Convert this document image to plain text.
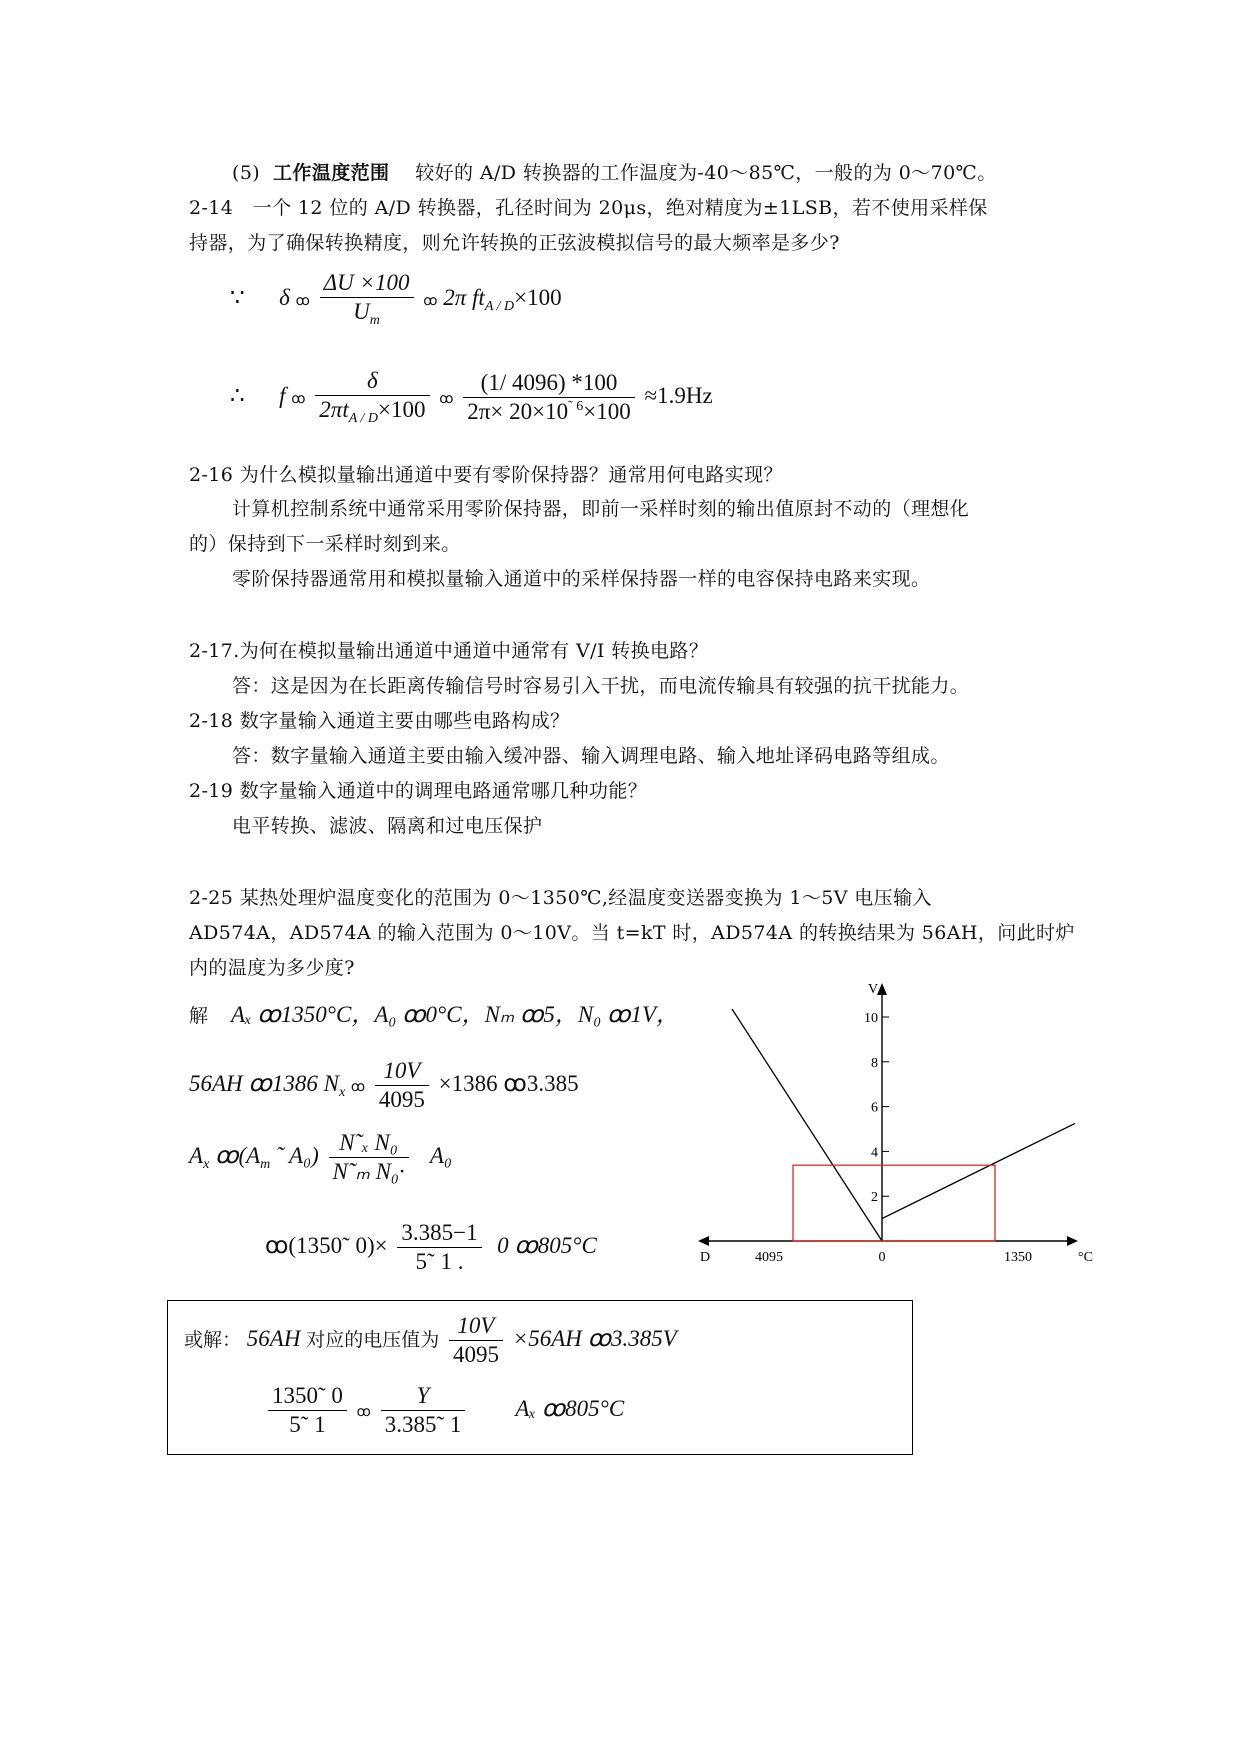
(5) 工作温度范围 较好的 A/D 转换器的工作温度为-40～85℃，一般的为 0～70℃。
2-14　一个 12 位的 A/D 转换器，孔径时间为 20μs，绝对精度为±1LSB，若不使用采样保
持器，为了确保转换精度，则允许转换的正弦波模拟信号的最大频率是多少?
∵ δ ꝏ $\frac{\Delta U \times 100}{U_m}$ ꝏ 2π $ft_{A / D}\times 100$
∴ f ꝏ $\frac{\delta}{2\pi t_{A / D}\times 100}$ ꝏ $\frac{(1/ 4096) *100}{2\pi\times 20\times 10^{˜ 6}\times 100} \approx 1.9Hz$
2-16 为什么模拟量输出通道中要有零阶保持器？通常用何电路实现？
计算机控制系统中通常采用零阶保持器，即前一采样时刻的输出值原封不动的（理想化
的）保持到下一采样时刻到来。
零阶保持器通常用和模拟量输入通道中的采样保持器一样的电容保持电路来实现。
2-17.为何在模拟量输出通道中通道中通常有 V/I 转换电路？
答：这是因为在长距离传输信号时容易引入干扰，而电流传输具有较强的抗干扰能力。
2-18 数字量输入通道主要由哪些电路构成？
答：数字量输入通道主要由输入缓冲器、输入调理电路、输入地址译码电路等组成。
2-19 数字量输入通道中的调理电路通常哪几种功能？
电平转换、滤波、隔离和过电压保护
2-25 某热处理炉温度变化的范围为 0～1350℃,经温度变送器变换为 1～5V 电压输入
AD574A，AD574A 的输入范围为 0～10V。当 t=kT 时，AD574A 的转换结果为 56AH，问此时炉
内的温度为多少度?
解 Aₓ ꝏ1350°C，A₀ ꝏ0°C，Nₘ ꝏ5，N₀ ꝏ1V，
56AH ꝏ1386 $N_x$ ꝏ $\frac{10V}{4095} \times 1386$ ꝏ3.385
$A_x$ $ꝏ(A_m$ ˜ $A_0) \frac{\text{N˜ₓ N₀}}{\text{N˜ₘ N₀·}} A_0$
ꝏ(1350˜ $0)\times \frac{3.385-1}{5˜ 1 .} 0$ ꝏ805°C
2
4
6
8
10
V
D	4095	0	1350	°C
或解： 56AH 对应的电压值为 $\frac{10V}{4095} \times 56AH$ ꝏ3.385V
$\frac{1350˜ 0}{5˜ 1}$ ꝏ $\frac{Y}{3.385˜ 1}$ Aₓ ꝏ805°C
